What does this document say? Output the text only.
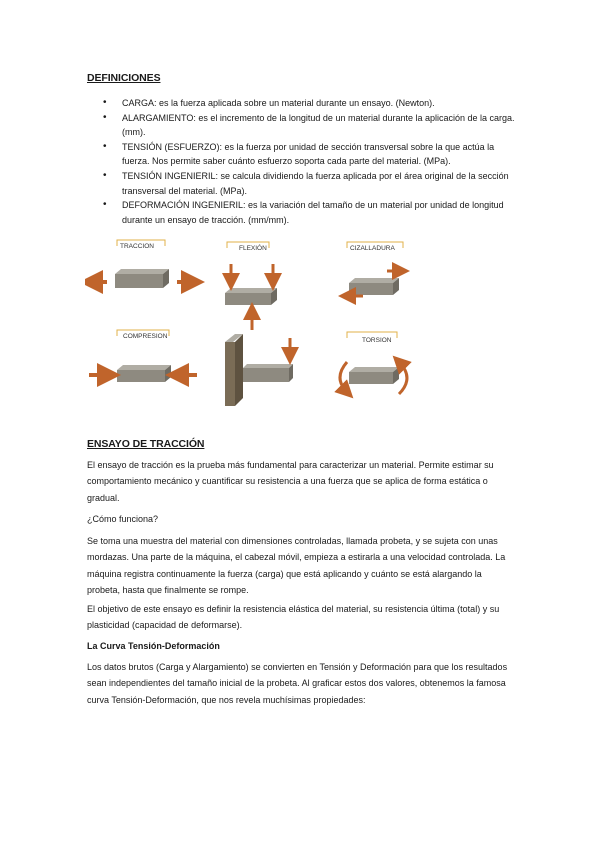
DEFINICIONES
• CARGA: es la fuerza aplicada sobre un material durante un ensayo. (Newton).
• ALARGAMIENTO: es el incremento de la longitud de un material durante la aplicación de la carga. (mm).
• TENSIÓN (ESFUERZO): es la fuerza por unidad de sección transversal sobre la que actúa la fuerza. Nos permite saber cuánto esfuerzo soporta cada parte del material. (MPa).
• TENSIÓN INGENIERIL: se calcula dividiendo la fuerza aplicada por el área original de la sección transversal del material. (MPa).
• DEFORMACIÓN INGENIERIL: es la variación del tamaño de un material por unidad de longitud durante un ensayo de tracción. (mm/mm).
TRACCION	FLEXIÓN	CIZALLADURA
COMPRESION
TORSION
ENSAYO DE TRACCIÓN

El ensayo de tracción es la prueba más fundamental para caracterizar un material. Permite estimar su comportamiento mecánico y cuantificar su resistencia a una fuerza que se aplica de forma estática o gradual.

¿Cómo funciona?

Se toma una muestra del material con dimensiones controladas, llamada probeta, y se sujeta con unas mordazas. Una parte de la máquina, el cabezal móvil, empieza a estirarla a una velocidad controlada. La máquina registra continuamente la fuerza (carga) que está aplicando y cuánto se está alargando la probeta, hasta que finalmente se rompe.

El objetivo de este ensayo es definir la resistencia elástica del material, su resistencia última (total) y su plasticidad (capacidad de deformarse).

La Curva Tensión-Deformación

Los datos brutos (Carga y Alargamiento) se convierten en Tensión y Deformación para que los resultados sean independientes del tamaño inicial de la probeta. Al graficar estos dos valores, obtenemos la famosa curva Tensión-Deformación, que nos revela muchísimas propiedades:
